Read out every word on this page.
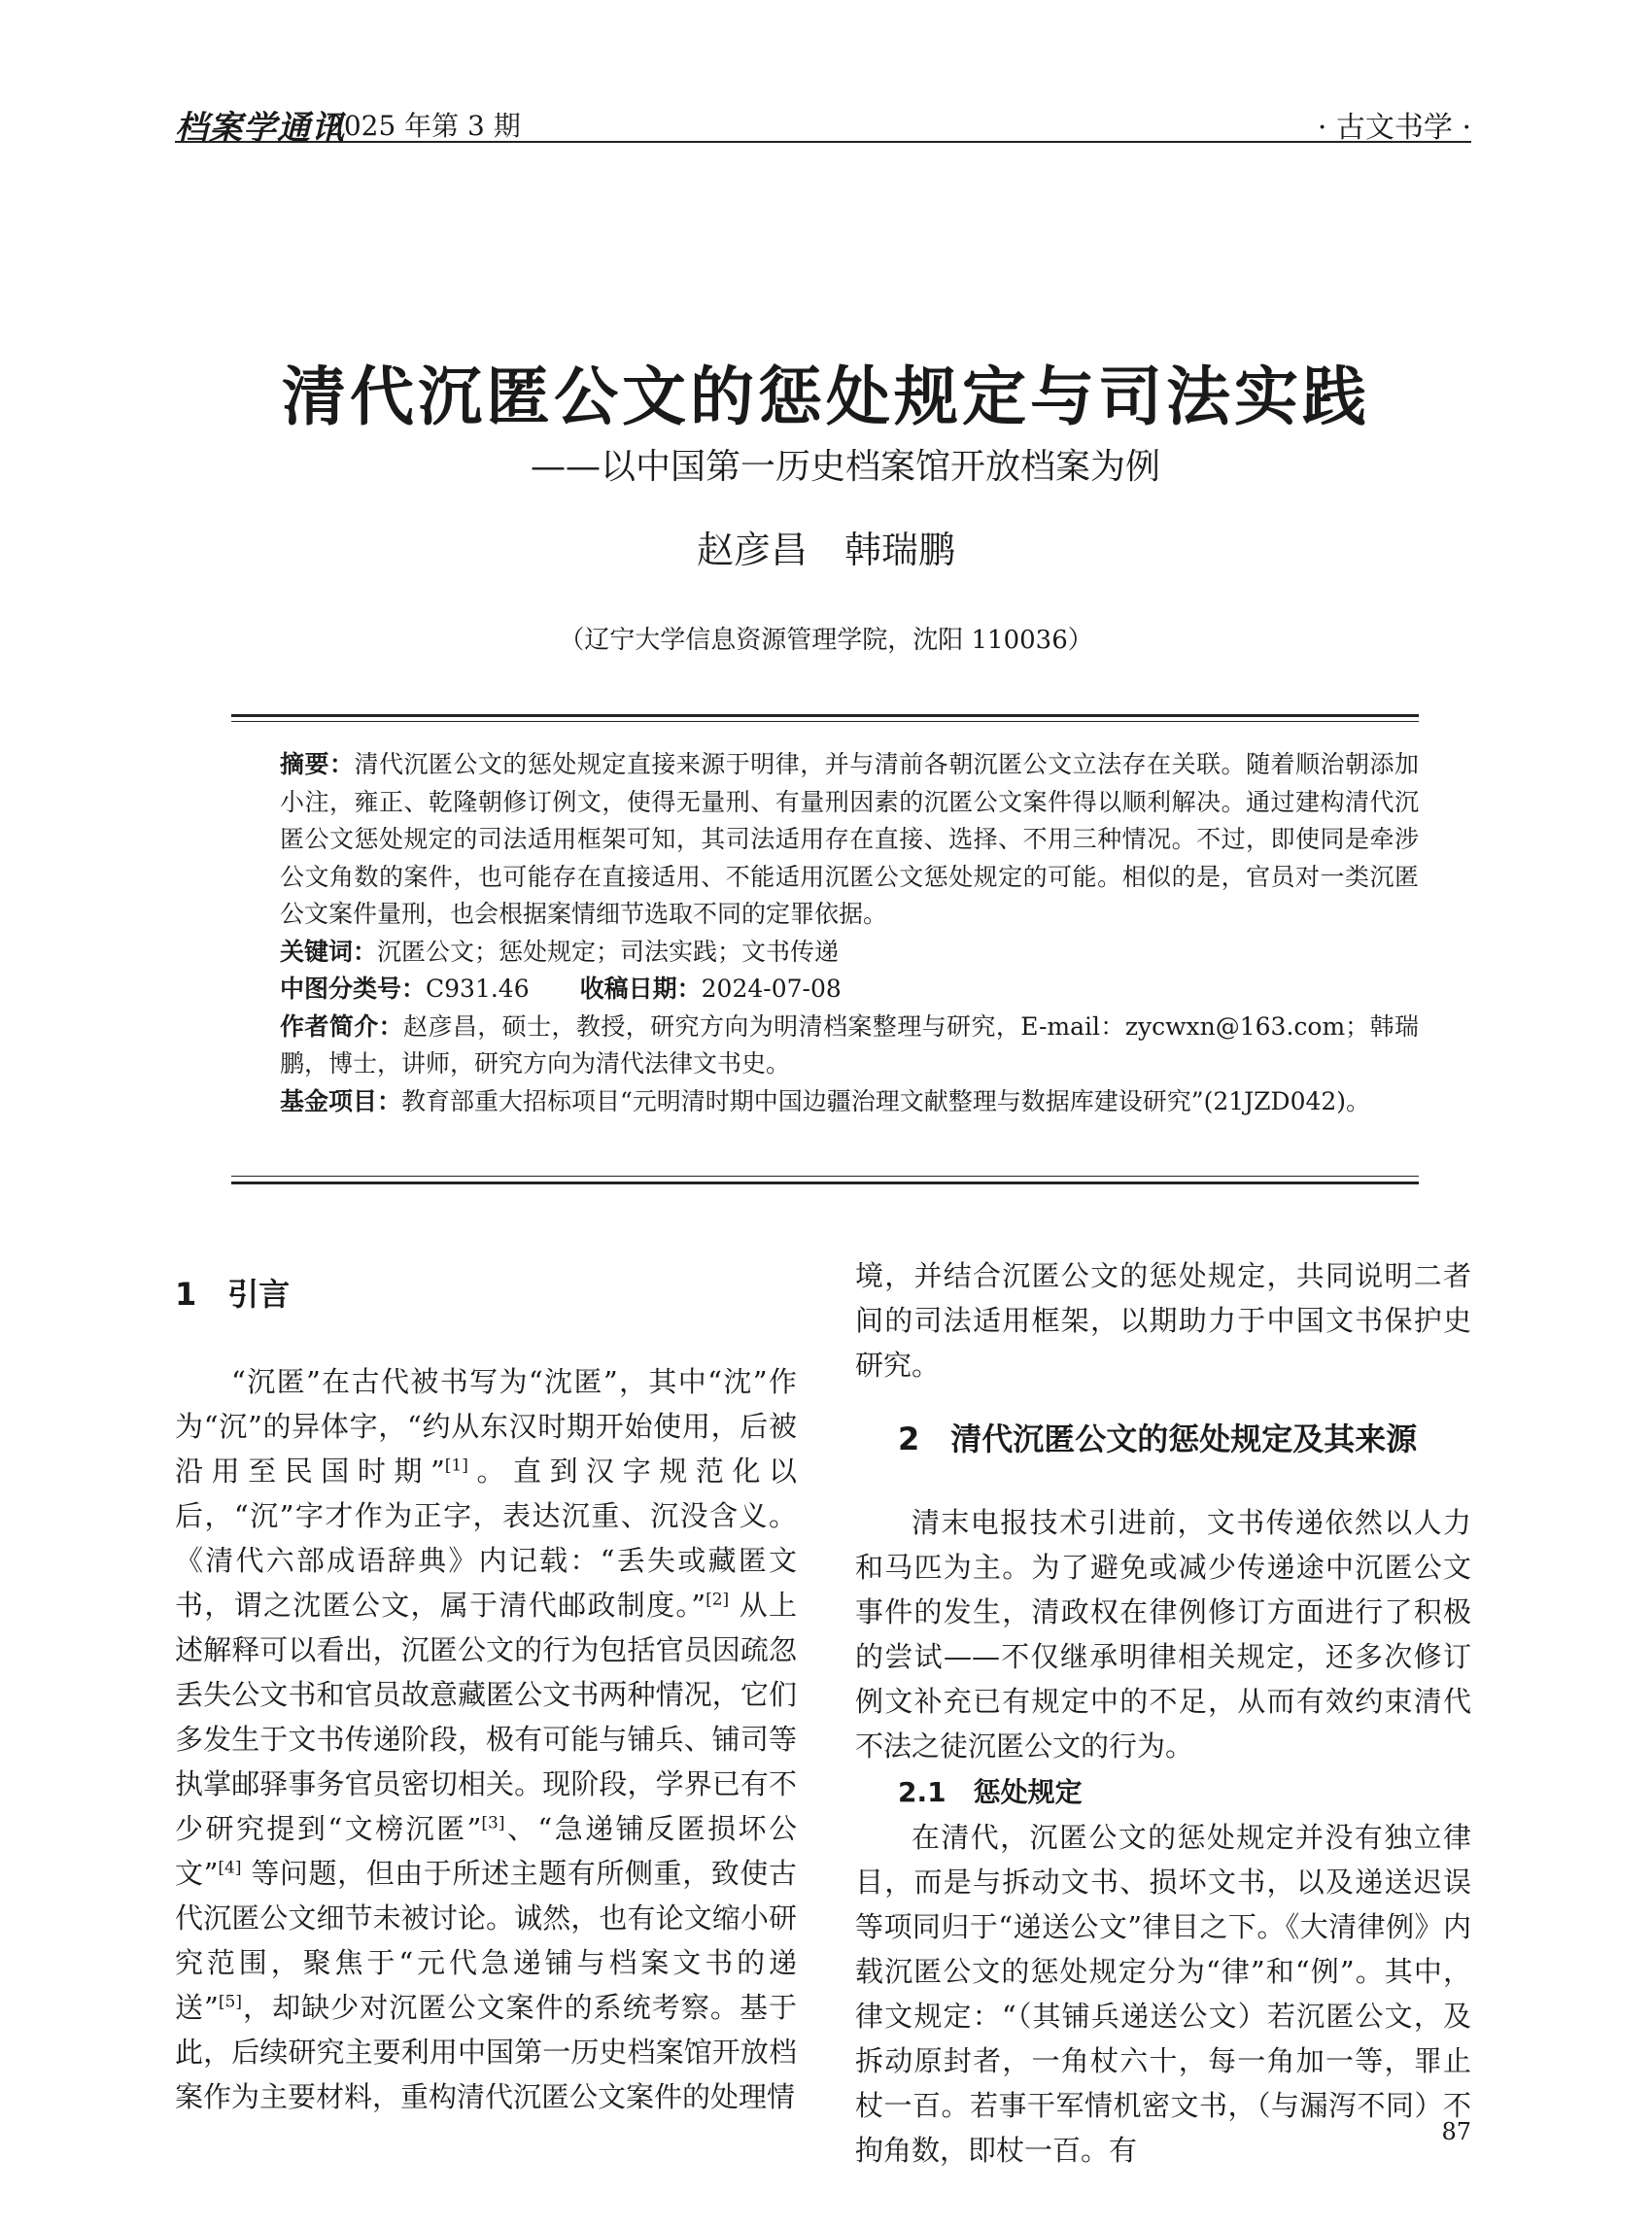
档案学通讯
2025 年第 3 期	· 古文书学 ·
清代沉匿公文的惩处规定与司法实践
——以中国第一历史档案馆开放档案为例
赵彦昌　韩瑞鹏
（辽宁大学信息资源管理学院，沈阳 110036）

摘要：清代沉匿公文的惩处规定直接来源于明律，并与清前各朝沉匿公文立法存在关联。随着顺治朝添加小注，雍正、乾隆朝修订例文，使得无量刑、有量刑因素的沉匿公文案件得以顺利解决。通过建构清代沉匿公文惩处规定的司法适用框架可知，其司法适用存在直接、选择、不用三种情况。不过，即使同是牵涉公文角数的案件，也可能存在直接适用、不能适用沉匿公文惩处规定的可能。相似的是，官员对一类沉匿公文案件量刑，也会根据案情细节选取不同的定罪依据。

关键词：沉匿公文；惩处规定；司法实践；文书传递

中图分类号：C931.46 收稿日期：2024-07-08

作者简介：赵彦昌，硕士，教授，研究方向为明清档案整理与研究，E-mail：zycwxn@163.com；韩瑞鹏，博士，讲师，研究方向为清代法律文书史。

基金项目：教育部重大招标项目“元明清时期中国边疆治理文献整理与数据库建设研究”(21JZD042)。

1　引言

“沉匿”在古代被书写为“沈匿”，其中“沈”作为“沉”的异体字，“约从东汉时期开始使用，后被沿用至民国时期”[1]。直到汉字规范化以后，“沉”字才作为正字，表达沉重、沉没含义。《清代六部成语辞典》内记载：“丢失或藏匿文书，谓之沈匿公文，属于清代邮政制度。”[2] 从上述解释可以看出，沉匿公文的行为包括官员因疏忽丢失公文书和官员故意藏匿公文书两种情况，它们多发生于文书传递阶段，极有可能与铺兵、铺司等执掌邮驿事务官员密切相关。现阶段，学界已有不少研究提到“文榜沉匿”[3]、“急递铺反匿损坏公文”[4] 等问题，但由于所述主题有所侧重，致使古代沉匿公文细节未被讨论。诚然，也有论文缩小研究范围，聚焦于“元代急递铺与档案文书的递送”[5]，却缺少对沉匿公文案件的系统考察。基于此，后续研究主要利用中国第一历史档案馆开放档案作为主要材料，重构清代沉匿公文案件的处理情

境，并结合沉匿公文的惩处规定，共同说明二者间的司法适用框架，以期助力于中国文书保护史研究。

2　清代沉匿公文的惩处规定及其来源

清末电报技术引进前，文书传递依然以人力和马匹为主。为了避免或减少传递途中沉匿公文事件的发生，清政权在律例修订方面进行了积极的尝试——不仅继承明律相关规定，还多次修订例文补充已有规定中的不足，从而有效约束清代不法之徒沉匿公文的行为。

2.1　惩处规定

在清代，沉匿公文的惩处规定并没有独立律目，而是与拆动文书、损坏文书，以及递送迟误等项同归于“递送公文”律目之下。《大清律例》内载沉匿公文的惩处规定分为“律”和“例”。其中，律文规定：“（其铺兵递送公文）若沉匿公文，及拆动原封者，一角杖六十，每一角加一等，罪止杖一百。若事干军情机密文书，（与漏泻不同）不拘角数，即杖一百。有

87
